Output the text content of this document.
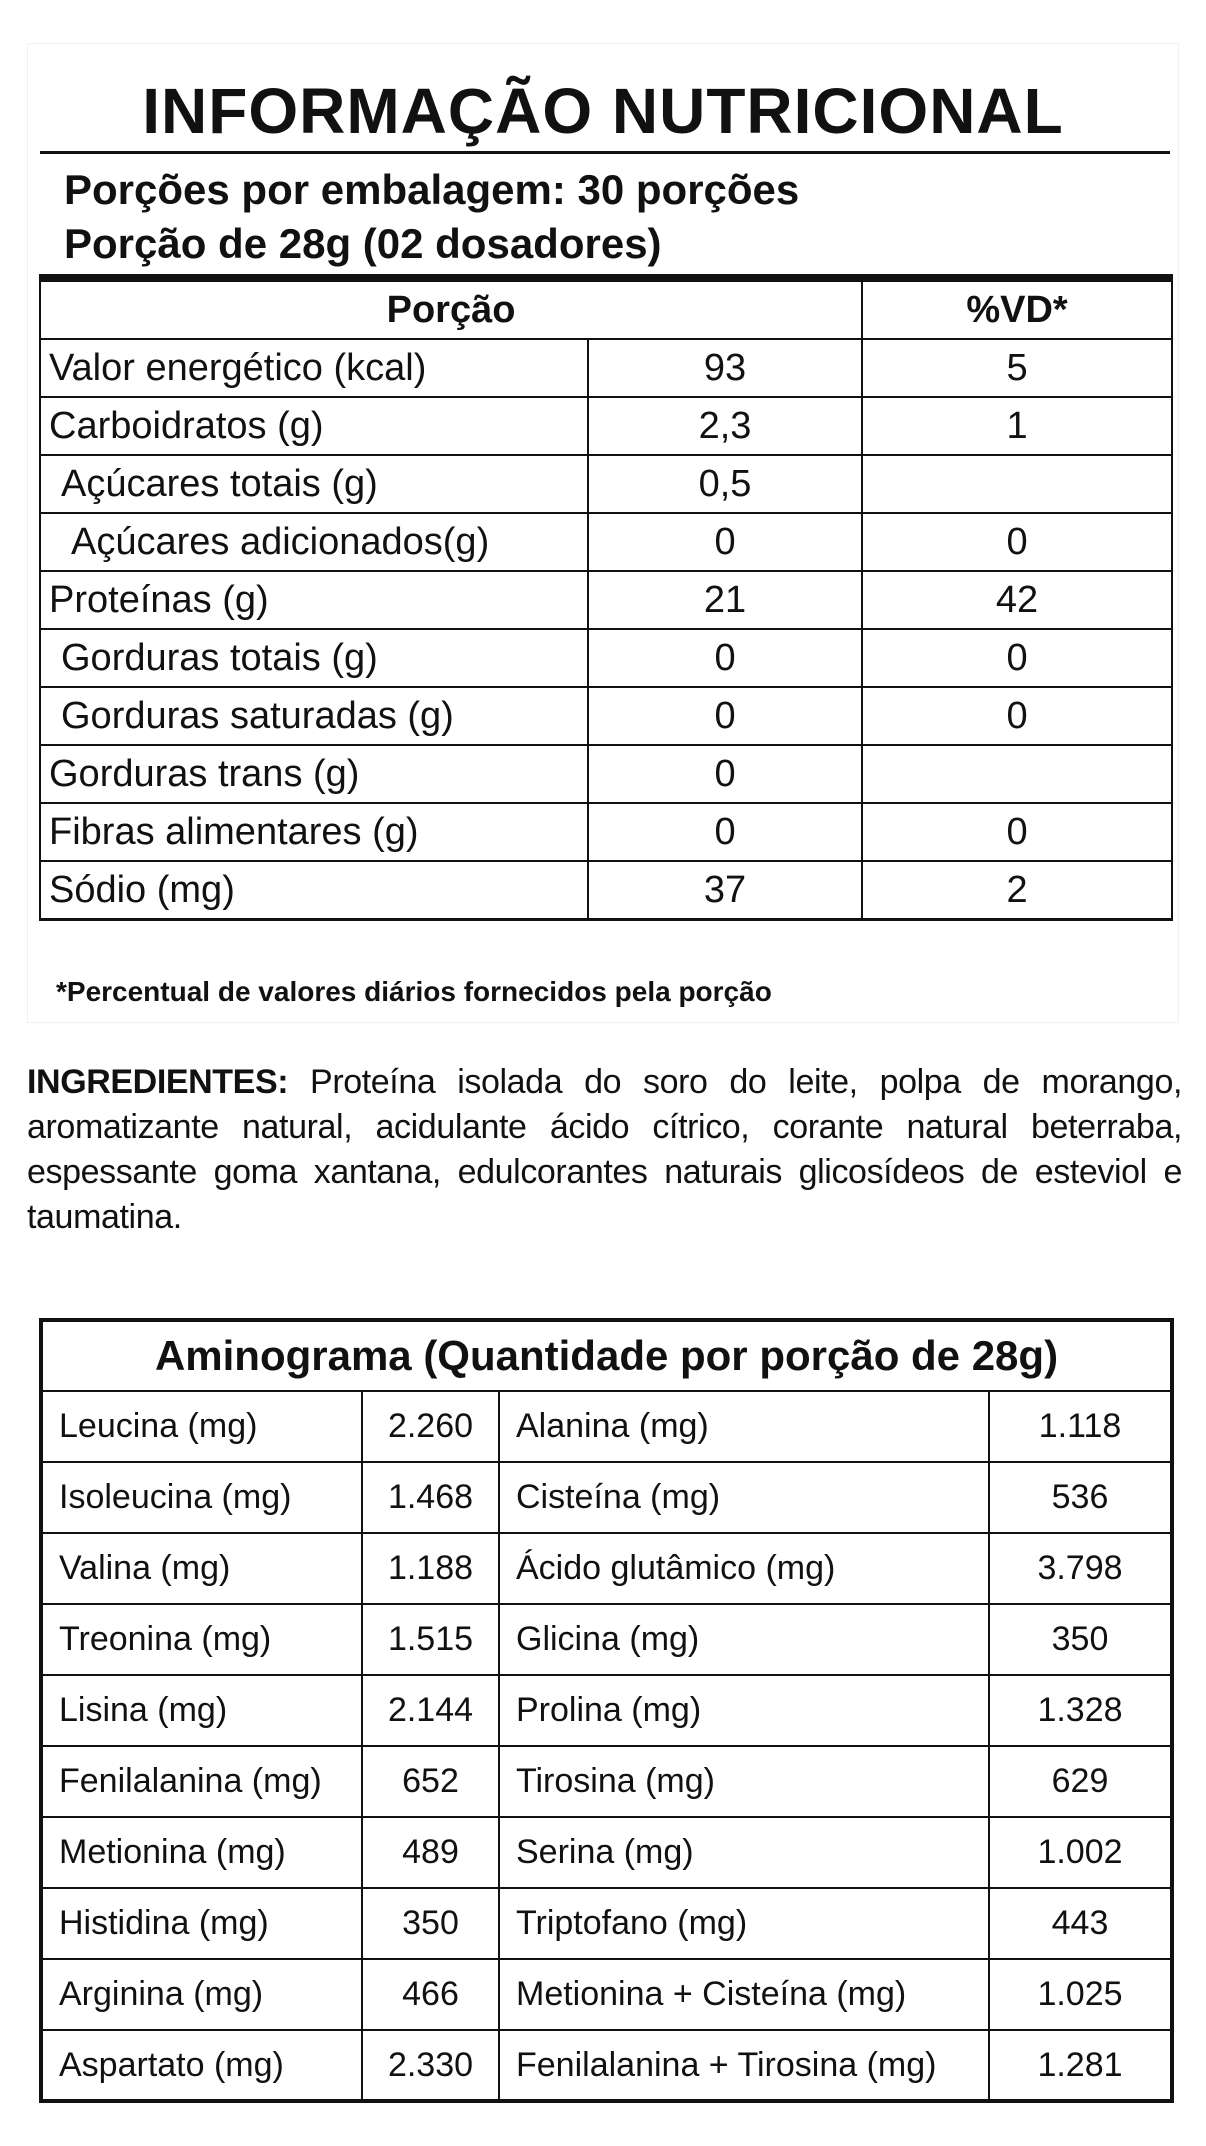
INFORMAÇÃO NUTRICIONAL
Porções por embalagem: 30 porções
Porção de 28g (02 dosadores)
Porção		%VD*
Valor energético (kcal)	93	5
Carboidratos (g)	2,3	1
Açúcares totais (g)	0,5	
Açúcares adicionados(g)	0	0
Proteínas (g)	21	42
Gorduras totais (g)	0	0
Gorduras saturadas (g)	0	0
Gorduras trans (g)	0	
Fibras alimentares (g)	0	0
Sódio (mg)	37	2
*Percentual de valores diários fornecidos pela porção
INGREDIENTES: Proteína isolada do soro do leite, polpa de morango, aromatizante natural, acidulante ácido cítrico, corante natural beterraba, espessante goma xantana, edulcorantes naturais glicosídeos de esteviol e taumatina.
Aminograma (Quantidade por porção de 28g)			
Leucina (mg)	2.260	Alanina (mg)	1.118
Isoleucina (mg)	1.468	Cisteína (mg)	536
Valina (mg)	1.188	Ácido glutâmico (mg)	3.798
Treonina (mg)	1.515	Glicina (mg)	350
Lisina (mg)	2.144	Prolina (mg)	1.328
Fenilalanina (mg)	652	Tirosina (mg)	629
Metionina (mg)	489	Serina (mg)	1.002
Histidina (mg)	350	Triptofano (mg)	443
Arginina (mg)	466	Metionina + Cisteína (mg)	1.025
Aspartato (mg)	2.330	Fenilalanina + Tirosina (mg)	1.281
